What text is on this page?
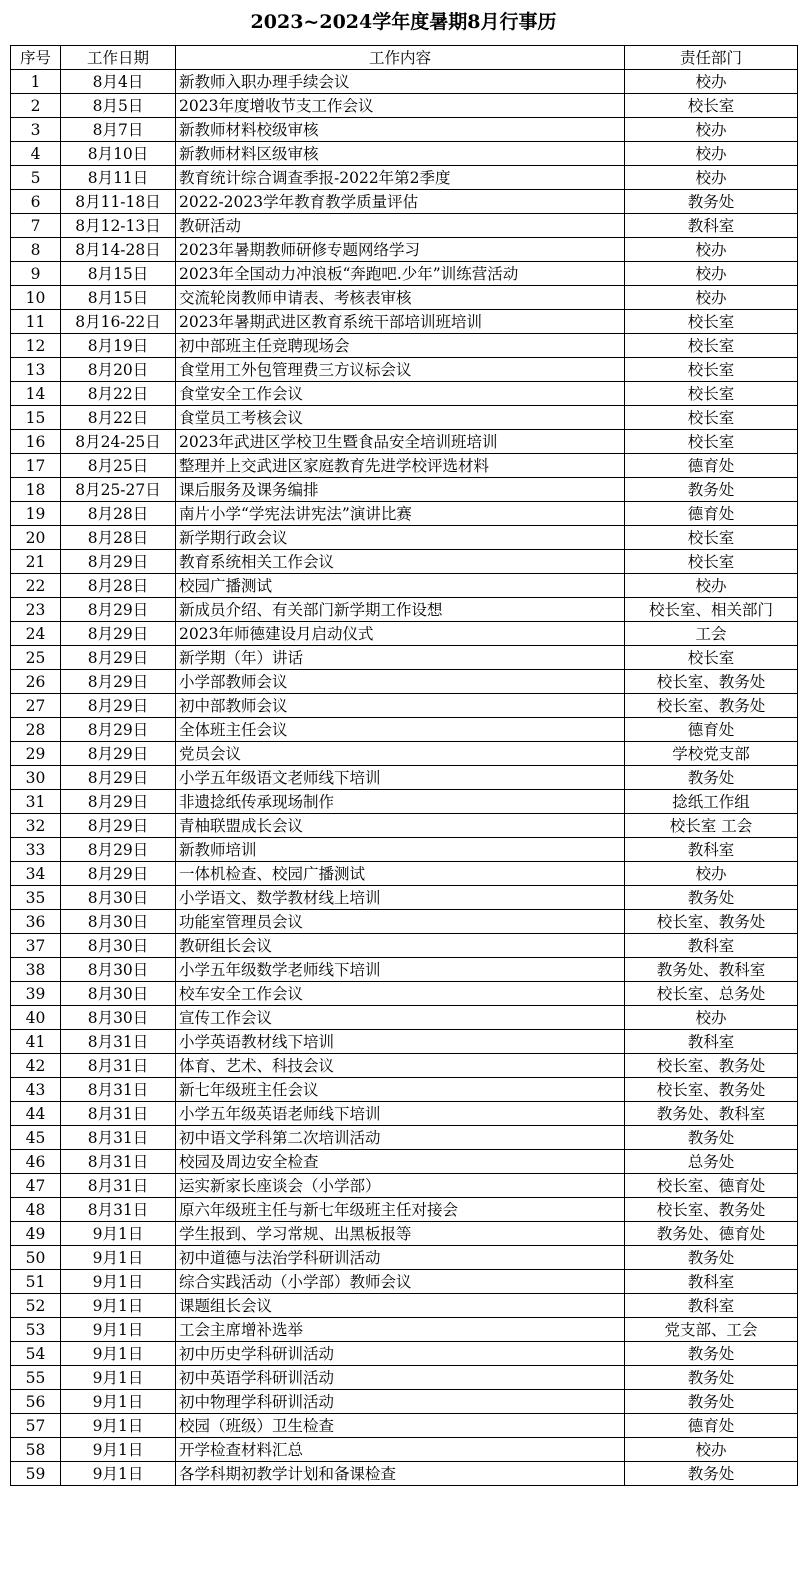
2023~2024学年度暑期8月行事历
序号	工作日期	工作内容	责任部门
1	8月4日	新教师入职办理手续会议	校办
2	8月5日	2023年度增收节支工作会议	校长室
3	8月7日	新教师材料校级审核	校办
4	8月10日	新教师材料区级审核	校办
5	8月11日	教育统计综合调查季报-2022年第2季度	校办
6	8月11-18日	2022-2023学年教育教学质量评估	教务处
7	8月12-13日	教研活动	教科室
8	8月14-28日	2023年暑期教师研修专题网络学习	校办
9	8月15日	2023年全国动力冲浪板“奔跑吧.少年”训练营活动	校办
10	8月15日	交流轮岗教师申请表、考核表审核	校办
11	8月16-22日	2023年暑期武进区教育系统干部培训班培训	校长室
12	8月19日	初中部班主任竞聘现场会	校长室
13	8月20日	食堂用工外包管理费三方议标会议	校长室
14	8月22日	食堂安全工作会议	校长室
15	8月22日	食堂员工考核会议	校长室
16	8月24-25日	2023年武进区学校卫生暨食品安全培训班培训	校长室
17	8月25日	整理并上交武进区家庭教育先进学校评选材料	德育处
18	8月25-27日	课后服务及课务编排	教务处
19	8月28日	南片小学“学宪法讲宪法”演讲比赛	德育处
20	8月28日	新学期行政会议	校长室
21	8月29日	教育系统相关工作会议	校长室
22	8月28日	校园广播测试	校办
23	8月29日	新成员介绍、有关部门新学期工作设想	校长室、相关部门
24	8月29日	2023年师德建设月启动仪式	工会
25	8月29日	新学期（年）讲话	校长室
26	8月29日	小学部教师会议	校长室、教务处
27	8月29日	初中部教师会议	校长室、教务处
28	8月29日	全体班主任会议	德育处
29	8月29日	党员会议	学校党支部
30	8月29日	小学五年级语文老师线下培训	教务处
31	8月29日	非遗捻纸传承现场制作	捻纸工作组
32	8月29日	青柚联盟成长会议	校长室 工会
33	8月29日	新教师培训	教科室
34	8月29日	一体机检查、校园广播测试	校办
35	8月30日	小学语文、数学教材线上培训	教务处
36	8月30日	功能室管理员会议	校长室、教务处
37	8月30日	教研组长会议	教科室
38	8月30日	小学五年级数学老师线下培训	教务处、教科室
39	8月30日	校车安全工作会议	校长室、总务处
40	8月30日	宣传工作会议	校办
41	8月31日	小学英语教材线下培训	教科室
42	8月31日	体育、艺术、科技会议	校长室、教务处
43	8月31日	新七年级班主任会议	校长室、教务处
44	8月31日	小学五年级英语老师线下培训	教务处、教科室
45	8月31日	初中语文学科第二次培训活动	教务处
46	8月31日	校园及周边安全检查	总务处
47	8月31日	运实新家长座谈会（小学部）	校长室、德育处
48	8月31日	原六年级班主任与新七年级班主任对接会	校长室、教务处
49	9月1日	学生报到、学习常规、出黑板报等	教务处、德育处
50	9月1日	初中道德与法治学科研训活动	教务处
51	9月1日	综合实践活动（小学部）教师会议	教科室
52	9月1日	课题组长会议	教科室
53	9月1日	工会主席增补选举	党支部、工会
54	9月1日	初中历史学科研训活动	教务处
55	9月1日	初中英语学科研训活动	教务处
56	9月1日	初中物理学科研训活动	教务处
57	9月1日	校园（班级）卫生检查	德育处
58	9月1日	开学检查材料汇总	校办
59	9月1日	各学科期初教学计划和备课检查	教务处
